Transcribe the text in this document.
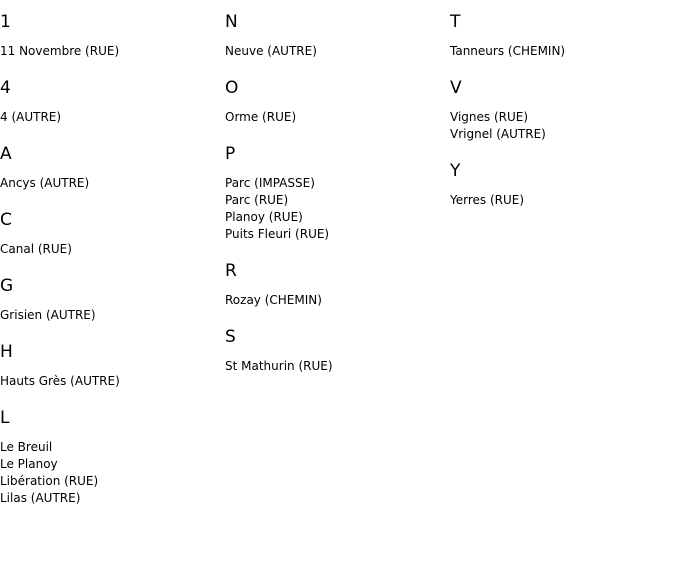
1
11 Novembre (RUE)
4
4 (AUTRE)
A
Ancys (AUTRE)
C
Canal (RUE)
G
Grisien (AUTRE)
H
Hauts Grès (AUTRE)
L
Le Breuil
Le Planoy
Libération (RUE)
Lilas (AUTRE)
N
Neuve (AUTRE)
O
Orme (RUE)
P
Parc (IMPASSE)
Parc (RUE)
Planoy (RUE)
Puits Fleuri (RUE)
R
Rozay (CHEMIN)
S
St Mathurin (RUE)
T
Tanneurs (CHEMIN)
V
Vignes (RUE)
Vrignel (AUTRE)
Y
Yerres (RUE)
